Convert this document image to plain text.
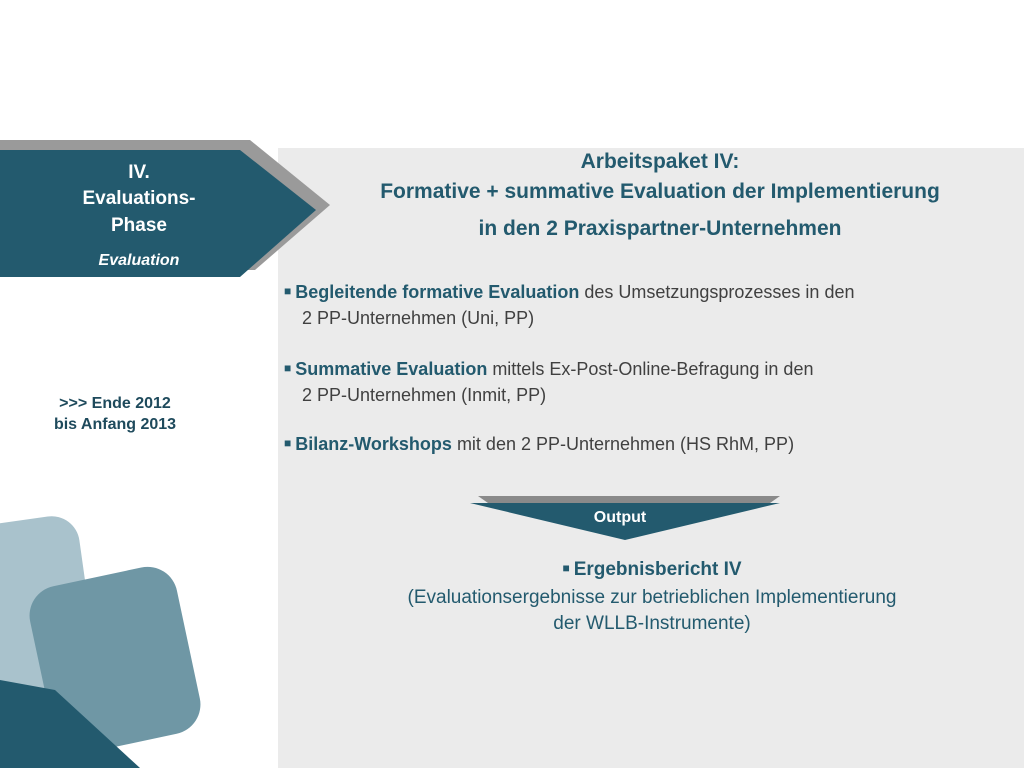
IV.
Evaluations-
Phase
Evaluation
>>> Ende 2012
bis Anfang 2013
Arbeitspaket IV:
Formative + summative Evaluation der Implementierung
in den 2 Praxispartner-Unternehmen
■ Begleitende formative Evaluation des Umsetzungsprozesses in den
2 PP-Unternehmen (Uni, PP)
■ Summative Evaluation mittels Ex-Post-Online-Befragung in den
2 PP-Unternehmen (Inmit, PP)
■ Bilanz-Workshops mit den 2 PP-Unternehmen (HS RhM, PP)
Output
■ Ergebnisbericht IV
(Evaluationsergebnisse zur betrieblichen Implementierung
der WLLB-Instrumente)
